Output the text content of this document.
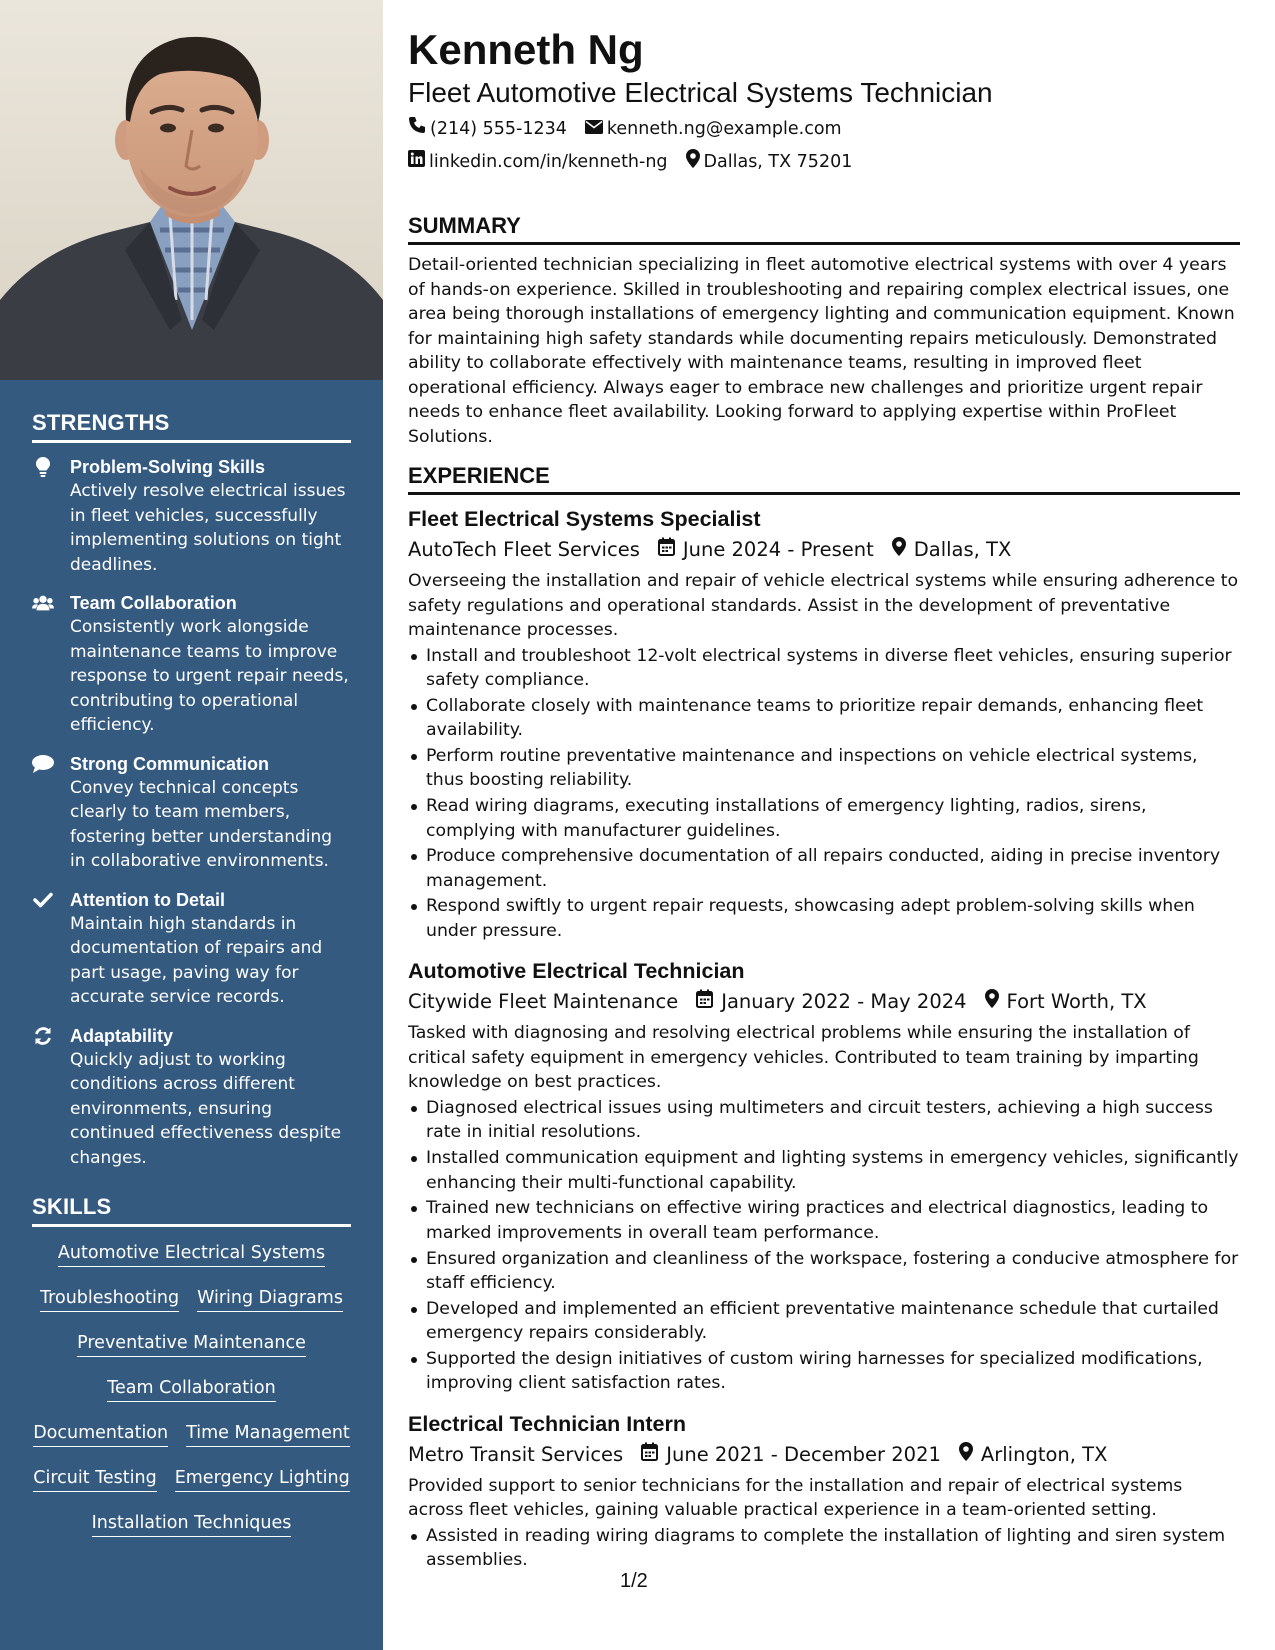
STRENGTHS
Problem-Solving Skills
Actively resolve electrical issues in fleet vehicles, successfully implementing solutions on tight deadlines.
Team Collaboration
Consistently work alongside maintenance teams to improve response to urgent repair needs, contributing to operational efficiency.
Strong Communication
Convey technical concepts clearly to team members, fostering better understanding in collaborative environments.
Attention to Detail
Maintain high standards in documentation of repairs and part usage, paving way for accurate service records.
Adaptability
Quickly adjust to working conditions across different environments, ensuring continued effectiveness despite changes.
SKILLS
Automotive Electrical Systems
Troubleshooting Wiring Diagrams
Preventative Maintenance
Team Collaboration
Documentation Time Management
Circuit Testing Emergency Lighting
Installation Techniques
Kenneth Ng
Fleet Automotive Electrical Systems Technician
(214) 555-1234 kenneth.ng@example.com
linkedin.com/in/kenneth-ng Dallas, TX 75201
SUMMARY
Detail-oriented technician specializing in fleet automotive electrical systems with over 4 years of hands-on experience. Skilled in troubleshooting and repairing complex electrical issues, one area being thorough installations of emergency lighting and communication equipment. Known for maintaining high safety standards while documenting repairs meticulously. Demonstrated ability to collaborate effectively with maintenance teams, resulting in improved fleet operational efficiency. Always eager to embrace new challenges and prioritize urgent repair needs to enhance fleet availability. Looking forward to applying expertise within ProFleet Solutions.
EXPERIENCE
Fleet Electrical Systems Specialist
AutoTech Fleet Services June 2024 - Present Dallas, TX
Overseeing the installation and repair of vehicle electrical systems while ensuring adherence to safety regulations and operational standards. Assist in the development of preventative maintenance processes.
Install and troubleshoot 12-volt electrical systems in diverse fleet vehicles, ensuring superior safety compliance.
Collaborate closely with maintenance teams to prioritize repair demands, enhancing fleet availability.
Perform routine preventative maintenance and inspections on vehicle electrical systems, thus boosting reliability.
Read wiring diagrams, executing installations of emergency lighting, radios, sirens, complying with manufacturer guidelines.
Produce comprehensive documentation of all repairs conducted, aiding in precise inventory management.
Respond swiftly to urgent repair requests, showcasing adept problem-solving skills when under pressure.
Automotive Electrical Technician
Citywide Fleet Maintenance January 2022 - May 2024 Fort Worth, TX
Tasked with diagnosing and resolving electrical problems while ensuring the installation of critical safety equipment in emergency vehicles. Contributed to team training by imparting knowledge on best practices.
Diagnosed electrical issues using multimeters and circuit testers, achieving a high success rate in initial resolutions.
Installed communication equipment and lighting systems in emergency vehicles, significantly enhancing their multi-functional capability.
Trained new technicians on effective wiring practices and electrical diagnostics, leading to marked improvements in overall team performance.
Ensured organization and cleanliness of the workspace, fostering a conducive atmosphere for staff efficiency.
Developed and implemented an efficient preventative maintenance schedule that curtailed emergency repairs considerably.
Supported the design initiatives of custom wiring harnesses for specialized modifications, improving client satisfaction rates.
Electrical Technician Intern
Metro Transit Services June 2021 - December 2021 Arlington, TX
Provided support to senior technicians for the installation and repair of electrical systems across fleet vehicles, gaining valuable practical experience in a team-oriented setting.
Assisted in reading wiring diagrams to complete the installation of lighting and siren system assemblies.
1/2
